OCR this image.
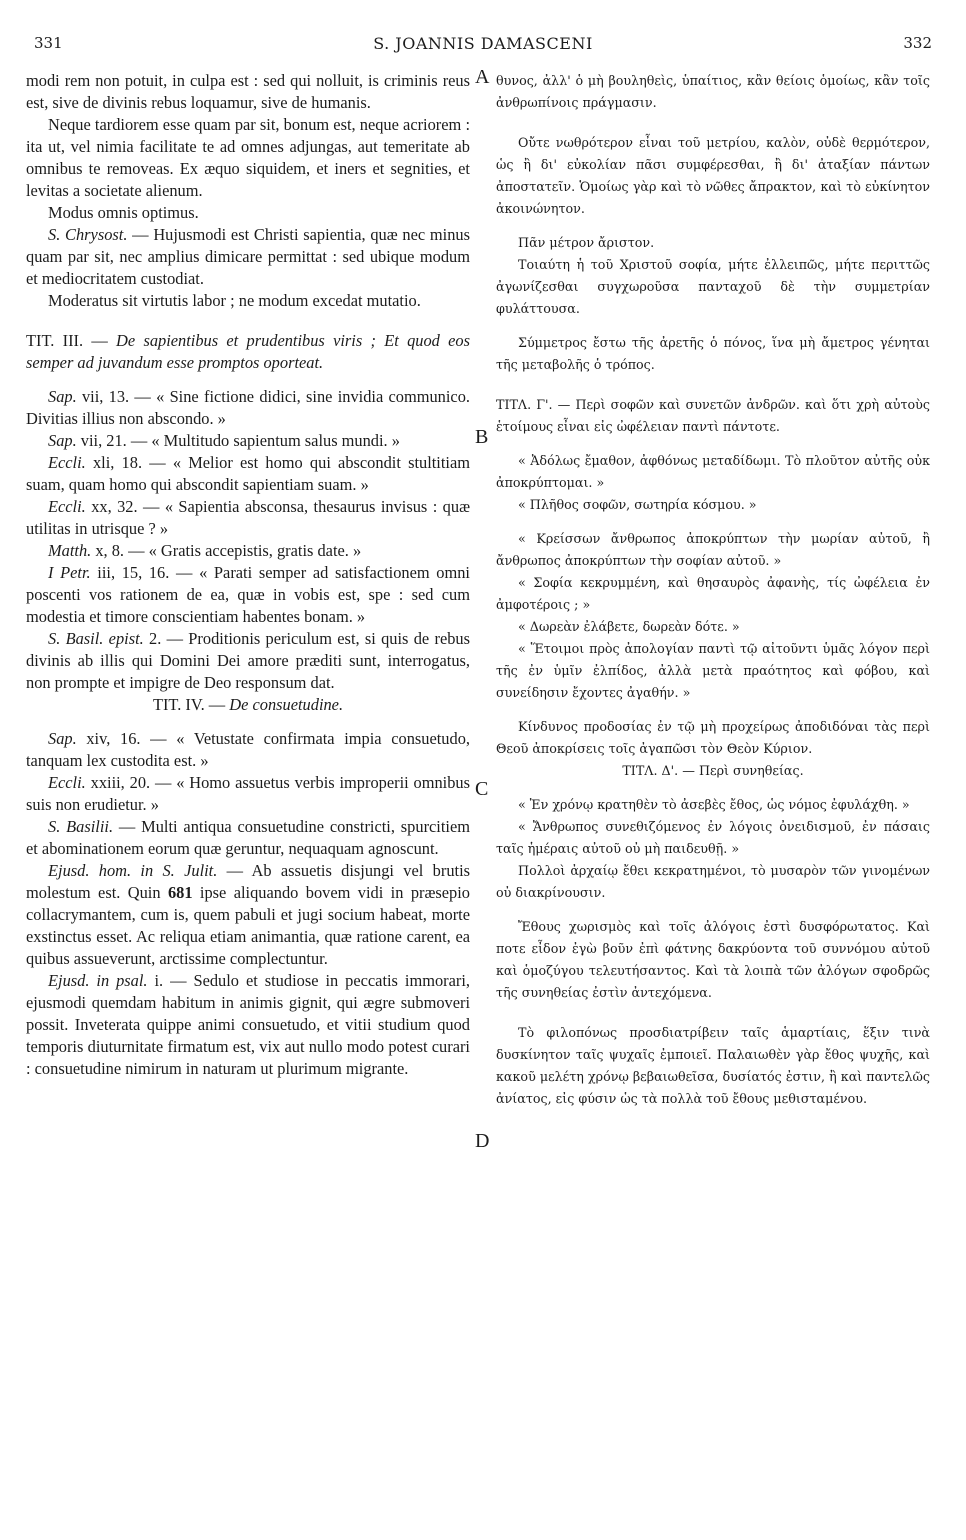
331	S. JOANNIS DAMASCENI	332
A
B
C
D

modi rem non potuit, in culpa est : sed qui nolluit, is criminis reus est, sive de divinis rebus loquamur, sive de humanis.

Neque tardiorem esse quam par sit, bonum est, neque acriorem : ita ut, vel nimia facilitate te ad omnes adjungas, aut temeritate ab omnibus te removeas. Ex æquo siquidem, et iners et segnities, et levitas a societate alienum.

Modus omnis optimus.

S. Chrysost. — Hujusmodi est Christi sapientia, quæ nec minus quam par sit, nec amplius dimicare permittat : sed ubique modum et mediocritatem custodiat.

Moderatus sit virtutis labor ; ne modum excedat mutatio.

TIT. III. — De sapientibus et prudentibus viris ; Et quod eos semper ad juvandum esse promptos oporteat.

Sap. vii, 13. — « Sine fictione didici, sine invidia communico. Divitias illius non abscondo. »

Sap. vii, 21. — « Multitudo sapientum salus mundi. »

Eccli. xli, 18. — « Melior est homo qui abscondit stultitiam suam, quam homo qui abscondit sapientiam suam. »

Eccli. xx, 32. — « Sapientia absconsa, thesaurus invisus : quæ utilitas in utrisque ? »

Matth. x, 8. — « Gratis accepistis, gratis date. »

I Petr. iii, 15, 16. — « Parati semper ad satisfactionem omni poscenti vos rationem de ea, quæ in vobis est, spe : sed cum modestia et timore conscientiam habentes bonam. »

S. Basil. epist. 2. — Proditionis periculum est, si quis de rebus divinis ab illis qui Domini Dei amore præditi sunt, interrogatus, non prompte et impigre de Deo responsum dat.

TIT. IV. — De consuetudine.

Sap. xiv, 16. — « Vetustate confirmata impia consuetudo, tanquam lex custodita est. »

Eccli. xxiii, 20. — « Homo assuetus verbis improperii omnibus suis non erudietur. »

S. Basilii. — Multi antiqua consuetudine constricti, spurcitiem et abominationem eorum quæ geruntur, nequaquam agnoscunt.

Ejusd. hom. in S. Julit. — Ab assuetis disjungi vel brutis molestum est. Quin 681 ipse aliquando bovem vidi in præsepio collacrymantem, cum is, quem pabuli et jugi socium habeat, morte exstinctus esset. Ac reliqua etiam animantia, quæ ratione carent, ea quibus assueverunt, arctissime complectuntur.

Ejusd. in psal. i. — Sedulo et studiose in peccatis immorari, ejusmodi quemdam habitum in animis gignit, qui ægre submoveri possit. Inveterata quippe animi consuetudo, et vitii studium quod temporis diuturnitate firmatum est, vix aut nullo modo potest curari : consuetudine nimirum in naturam ut plurimum migrante.

θυνος, ἀλλ' ὁ μὴ βουληθεὶς, ὑπαίτιος, κἂν θείοις ὁμοίως, κἂν τοῖς ἀνθρωπίνοις πράγμασιν.

Οὔτε νωθρότερον εἶναι τοῦ μετρίου, καλὸν, οὐδὲ θερμότερον, ὡς ἢ δι' εὐκολίαν πᾶσι συμφέρεσθαι, ἢ δι' ἀταξίαν πάντων ἀποστατεῖν. Ὁμοίως γὰρ καὶ τὸ νῶθες ἄπρακτον, καὶ τὸ εὐκίνητον ἀκοινώνητον.

Πᾶν μέτρον ἄριστον.

Τοιαύτη ἡ τοῦ Χριστοῦ σοφία, μήτε ἐλλειπῶς, μήτε περιττῶς ἀγωνίζεσθαι συγχωροῦσα πανταχοῦ δὲ τὴν συμμετρίαν φυλάττουσα.

Σύμμετρος ἔστω τῆς ἀρετῆς ὁ πόνος, ἵνα μὴ ἄμετρος γένηται τῆς μεταβολῆς ὁ τρόπος.

ΤΙΤΛ. Γ'. — Περὶ σοφῶν καὶ συνετῶν ἀνδρῶν. καὶ ὅτι χρὴ αὐτοὺς ἑτοίμους εἶναι εἰς ὠφέλειαν παντὶ πάντοτε.

« Ἀδόλως ἔμαθον, ἀφθόνως μεταδίδωμι. Τὸ πλοῦτον αὐτῆς οὐκ ἀποκρύπτομαι. »

« Πλῆθος σοφῶν, σωτηρία κόσμου. »

« Κρείσσων ἄνθρωπος ἀποκρύπτων τὴν μωρίαν αὐτοῦ, ἢ ἄνθρωπος ἀποκρύπτων τὴν σοφίαν αὐτοῦ. »

« Σοφία κεκρυμμένη, καὶ θησαυρὸς ἀφανὴς, τίς ὠφέλεια ἐν ἀμφοτέροις ; »

« Δωρεὰν ἐλάβετε, δωρεὰν δότε. »

« Ἕτοιμοι πρὸς ἀπολογίαν παντὶ τῷ αἰτοῦντι ὑμᾶς λόγον περὶ τῆς ἐν ὑμῖν ἐλπίδος, ἀλλὰ μετὰ πραότητος καὶ φόβου, καὶ συνείδησιν ἔχοντες ἀγαθήν. »

Κίνδυνος προδοσίας ἐν τῷ μὴ προχείρως ἀποδιδόναι τὰς περὶ Θεοῦ ἀποκρίσεις τοῖς ἀγαπῶσι τὸν Θεὸν Κύριον.

ΤΙΤΛ. Δ'. — Περὶ συνηθείας.

« Ἐν χρόνῳ κρατηθὲν τὸ ἀσεβὲς ἔθος, ὡς νόμος ἐφυλάχθη. »

« Ἄνθρωπος συνεθιζόμενος ἐν λόγοις ὀνειδισμοῦ, ἐν πάσαις ταῖς ἡμέραις αὐτοῦ οὐ μὴ παιδευθῇ. »

Πολλοὶ ἀρχαίῳ ἔθει κεκρατημένοι, τὸ μυσαρὸν τῶν γινομένων οὐ διακρίνουσιν.

Ἔθους χωρισμὸς καὶ τοῖς ἀλόγοις ἐστὶ δυσφόρωτατος. Καὶ ποτε εἶδον ἐγὼ βοῦν ἐπὶ φάτνης δακρύοντα τοῦ συννόμου αὐτοῦ καὶ ὁμοζύγου τελευτήσαντος. Καὶ τὰ λοιπὰ τῶν ἀλόγων σφοδρῶς τῆς συνηθείας ἐστὶν ἀντεχόμενα.

Τὸ φιλοπόνως προσδιατρίβειν ταῖς ἁμαρτίαις, ἕξιν τινὰ δυσκίνητον ταῖς ψυχαῖς ἐμποιεῖ. Παλαιωθὲν γὰρ ἔθος ψυχῆς, καὶ κακοῦ μελέτη χρόνῳ βεβαιωθεῖσα, δυσίατός ἐστιν, ἢ καὶ παντελῶς ἀνίατος, εἰς φύσιν ὡς τὰ πολλὰ τοῦ ἔθους μεθισταμένου.
